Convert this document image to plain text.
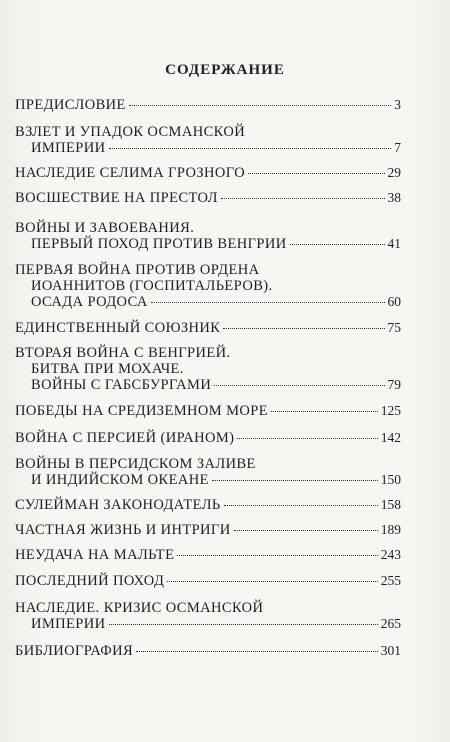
СОДЕРЖАНИЕ
ПРЕДИСЛОВИЕ	3
ВЗЛЕТ И УПАДОК ОСМАНСКОЙ
ИМПЕРИИ	7
НАСЛЕДИЕ СЕЛИМА ГРОЗНОГО	29
ВОСШЕСТВИЕ НА ПРЕСТОЛ	38
ВОЙНЫ И ЗАВОЕВАНИЯ.
ПЕРВЫЙ ПОХОД ПРОТИВ ВЕНГРИИ	41
ПЕРВАЯ ВОЙНА ПРОТИВ ОРДЕНА
ИОАННИТОВ (ГОСПИТАЛЬЕРОВ).
ОСАДА РОДОСА	60
ЕДИНСТВЕННЫЙ СОЮЗНИК	75
ВТОРАЯ ВОЙНА С ВЕНГРИЕЙ.
БИТВА ПРИ МОХАЧЕ.
ВОЙНЫ С ГАБСБУРГАМИ	79
ПОБЕДЫ НА СРЕДИЗЕМНОМ МОРЕ	125
ВОЙНА С ПЕРСИЕЙ (ИРАНОМ)	142
ВОЙНЫ В ПЕРСИДСКОМ ЗАЛИВЕ
И ИНДИЙСКОМ ОКЕАНЕ	150
СУЛЕЙМАН ЗАКОНОДАТЕЛЬ	158
ЧАСТНАЯ ЖИЗНЬ И ИНТРИГИ	189
НЕУДАЧА НА МАЛЬТЕ	243
ПОСЛЕДНИЙ ПОХОД	255
НАСЛЕДИЕ. КРИЗИС ОСМАНСКОЙ
ИМПЕРИИ	265
БИБЛИОГРАФИЯ	301
